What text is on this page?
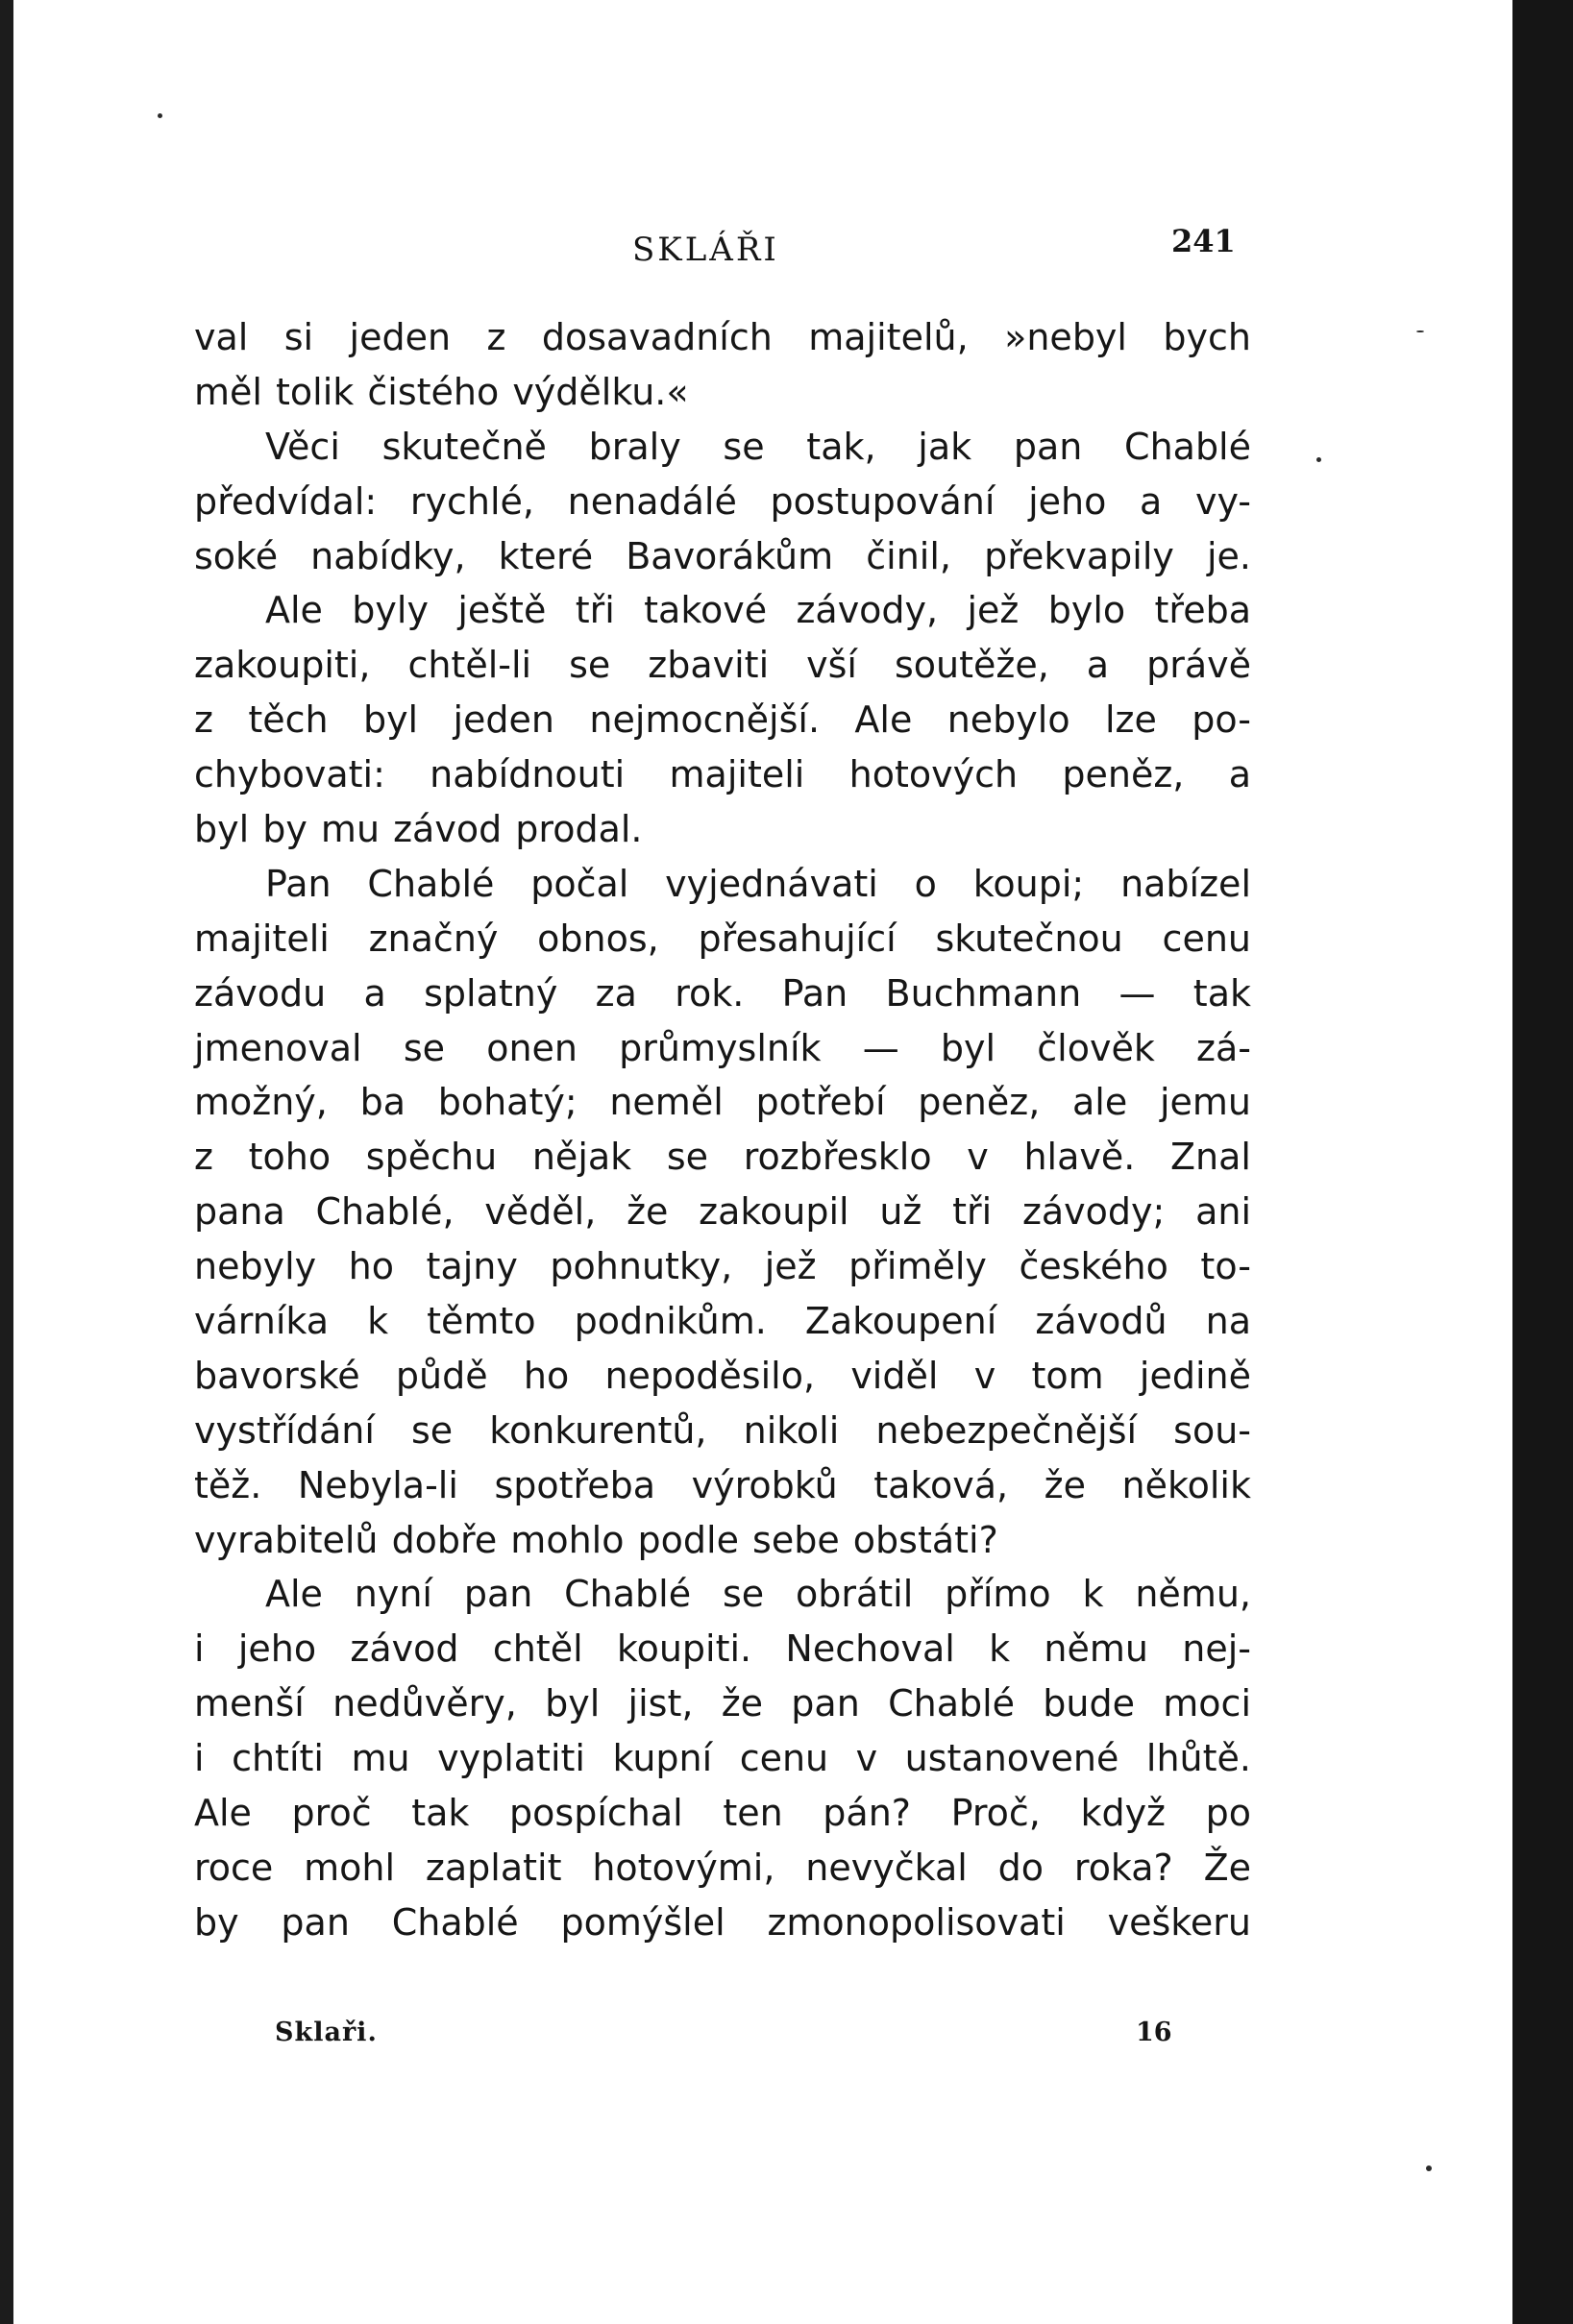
SKLÁŘI	241
val si jeden z dosavadních majitelů, »nebyl bych
měl tolik čistého výdělku.«
Věci skutečně braly se tak, jak pan Chablé
předvídal: rychlé, nenadálé postupování jeho a vy-
soké nabídky, které Bavorákům činil, překvapily je.
Ale byly ještě tři takové závody, jež bylo třeba
zakoupiti, chtěl-li se zbaviti vší soutěže, a právě
z těch byl jeden nejmocnější. Ale nebylo lze po-
chybovati: nabídnouti majiteli hotových peněz, a
byl by mu závod prodal.
Pan Chablé počal vyjednávati o koupi; nabízel
majiteli značný obnos, přesahující skutečnou cenu
závodu a splatný za rok. Pan Buchmann — tak
jmenoval se onen průmyslník — byl člověk zá-
možný, ba bohatý; neměl potřebí peněz, ale jemu
z toho spěchu nějak se rozbřesklo v hlavě. Znal
pana Chablé, věděl, že zakoupil už tři závody; ani
nebyly ho tajny pohnutky, jež přiměly českého to-
várníka k těmto podnikům. Zakoupení závodů na
bavorské půdě ho nepoděsilo, viděl v tom jedině
vystřídání se konkurentů, nikoli nebezpečnější sou-
těž. Nebyla-li spotřeba výrobků taková, že několik
vyrabitelů dobře mohlo podle sebe obstáti?
Ale nyní pan Chablé se obrátil přímo k němu,
i jeho závod chtěl koupiti. Nechoval k němu nej-
menší nedůvěry, byl jist, že pan Chablé bude moci
i chtíti mu vyplatiti kupní cenu v ustanovené lhůtě.
Ale proč tak pospíchal ten pán? Proč, když po
roce mohl zaplatit hotovými, nevyčkal do roka? Že
by pan Chablé pomýšlel zmonopolisovati veškeru
Sklaři.	16
